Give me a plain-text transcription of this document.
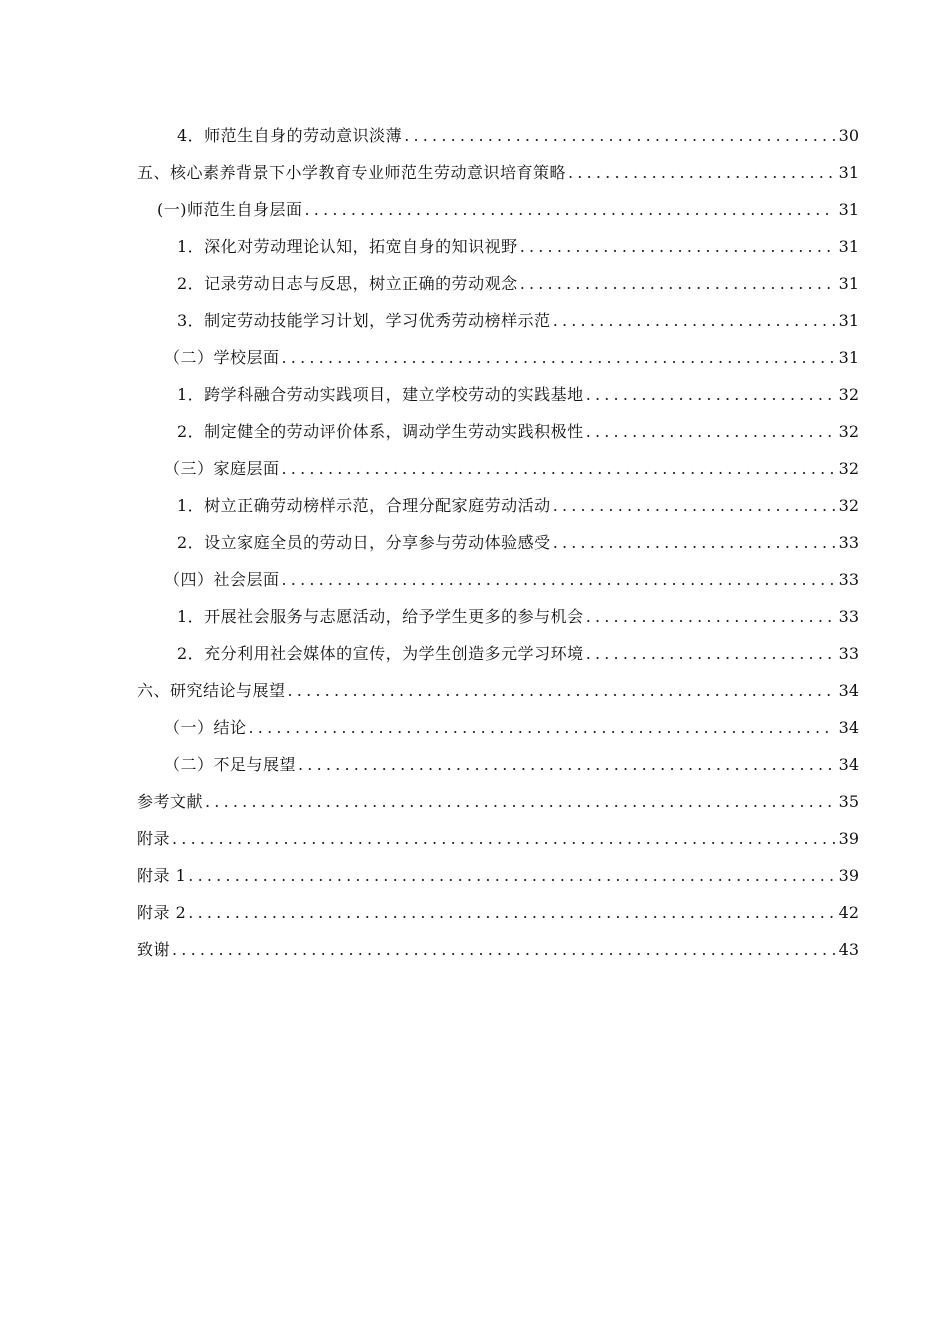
4．师范生自身的劳动意识淡薄 .....	30
五、核心素养背景下小学教育专业师范生劳动意识培育策略 .....	31
(一)师范生自身层面 .....	31
1．深化对劳动理论认知，拓宽自身的知识视野 .....	31
2．记录劳动日志与反思，树立正确的劳动观念 .....	31
3．制定劳动技能学习计划，学习优秀劳动榜样示范 .....	31
（二）学校层面 .....	31
1．跨学科融合劳动实践项目，建立学校劳动的实践基地 .....	32
2．制定健全的劳动评价体系，调动学生劳动实践积极性 .....	32
（三）家庭层面 .....	32
1．树立正确劳动榜样示范，合理分配家庭劳动活动 .....	32
2．设立家庭全员的劳动日，分享参与劳动体验感受 .....	33
（四）社会层面 .....	33
1．开展社会服务与志愿活动，给予学生更多的参与机会 .....	33
2．充分利用社会媒体的宣传，为学生创造多元学习环境 .....	33
六、研究结论与展望 .....	34
（一）结论 .....	34
（二）不足与展望 .....	34
参考文献 .....	35
附录 .....	39
附录 1 .....	39
附录 2 .....	42
致谢 .....	43
